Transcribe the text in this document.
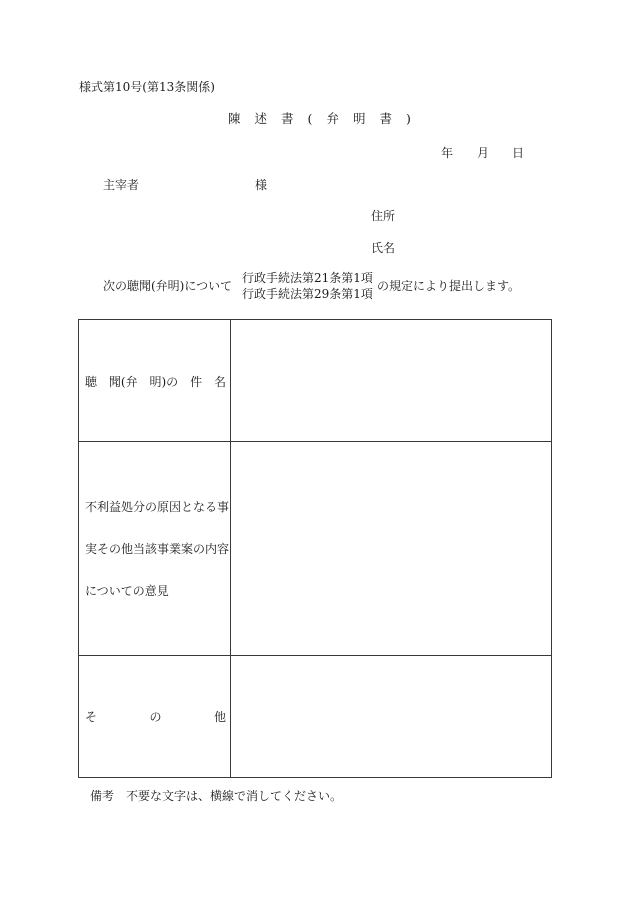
様式第10号(第13条関係)
陳 述 書 ( 弁 明 書 )
年 月 日
主宰者	様
住所
氏名
次の聴聞(弁明)について
行政手続法第21条第1項
行政手続法第29条第1項
の規定により提出します。
聴 聞(弁 明)の 件 名
不利益処分の原因となる事
実その他当該事業案の内容
についての意見
そ	の	他
備考 不要な文字は、横線で消してください。
